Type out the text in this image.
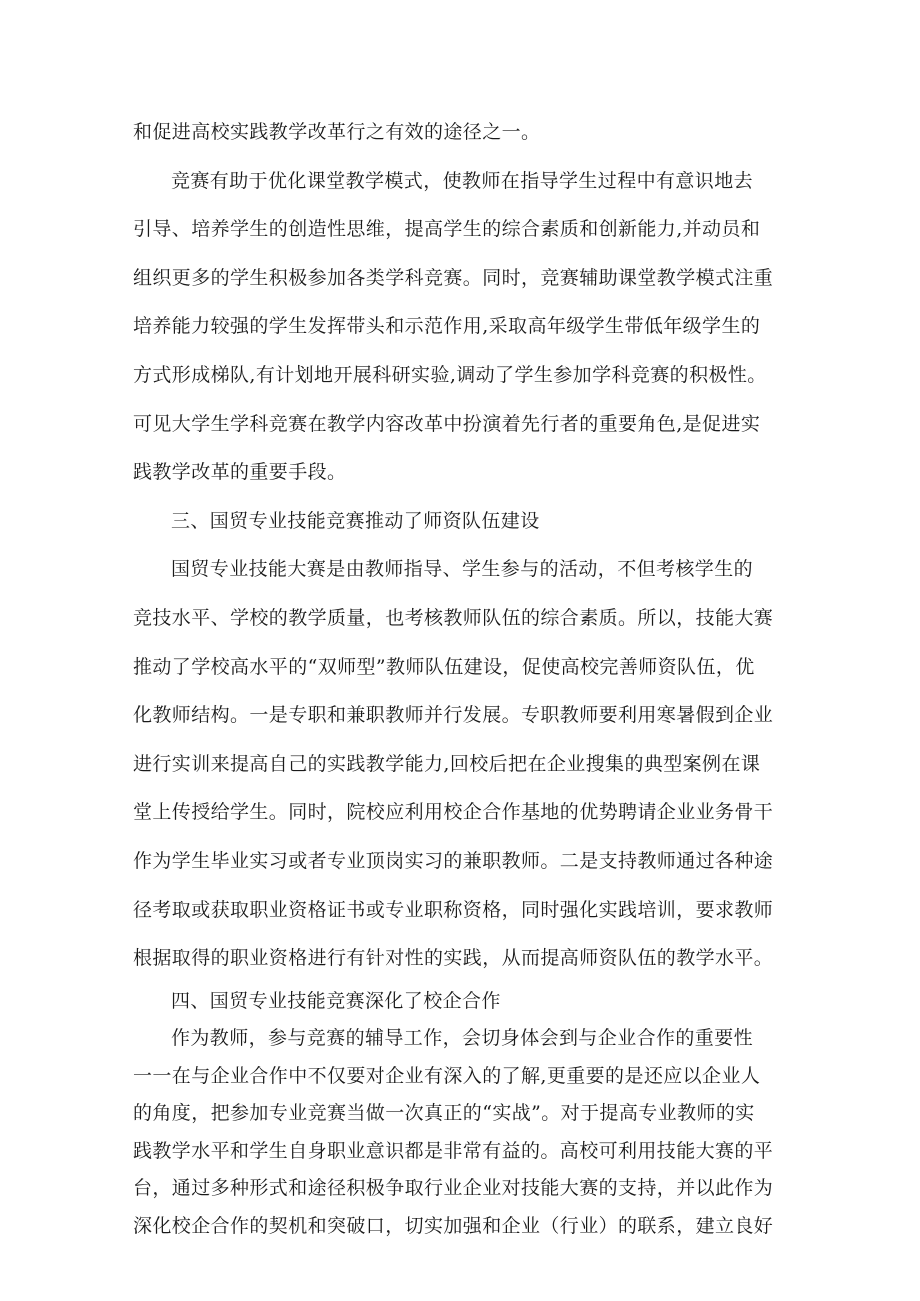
和促进高校实践教学改革行之有效的途径之一。

竞赛有助于优化课堂教学模式，使教师在指导学生过程中有意识地去
引导、培养学生的创造性思维，提高学生的综合素质和创新能力,并动员和
组织更多的学生积极参加各类学科竞赛。同时，竞赛辅助课堂教学模式注重
培养能力较强的学生发挥带头和示范作用,采取高年级学生带低年级学生的
方式形成梯队,有计划地开展科研实验,调动了学生参加学科竞赛的积极性。
可见大学生学科竞赛在教学内容改革中扮演着先行者的重要角色,是促进实
践教学改革的重要手段。

三、国贸专业技能竞赛推动了师资队伍建设

国贸专业技能大赛是由教师指导、学生参与的活动，不但考核学生的
竞技水平、学校的教学质量，也考核教师队伍的综合素质。所以，技能大赛
推动了学校高水平的“双师型”教师队伍建设，促使高校完善师资队伍，优
化教师结构。一是专职和兼职教师并行发展。专职教师要利用寒暑假到企业
进行实训来提高自己的实践教学能力,回校后把在企业搜集的典型案例在课
堂上传授给学生。同时，院校应利用校企合作基地的优势聘请企业业务骨干
作为学生毕业实习或者专业顶岗实习的兼职教师。二是支持教师通过各种途
径考取或获取职业资格证书或专业职称资格，同时强化实践培训，要求教师
根据取得的职业资格进行有针对性的实践，从而提高师资队伍的教学水平。

四、国贸专业技能竞赛深化了校企合作

作为教师，参与竞赛的辅导工作，会切身体会到与企业合作的重要性
一一在与企业合作中不仅要对企业有深入的了解,更重要的是还应以企业人
的角度，把参加专业竞赛当做一次真正的“实战”。对于提高专业教师的实
践教学水平和学生自身职业意识都是非常有益的。高校可利用技能大赛的平
台，通过多种形式和途径积极争取行业企业对技能大赛的支持，并以此作为
深化校企合作的契机和突破口，切实加强和企业（行业）的联系，建立良好
